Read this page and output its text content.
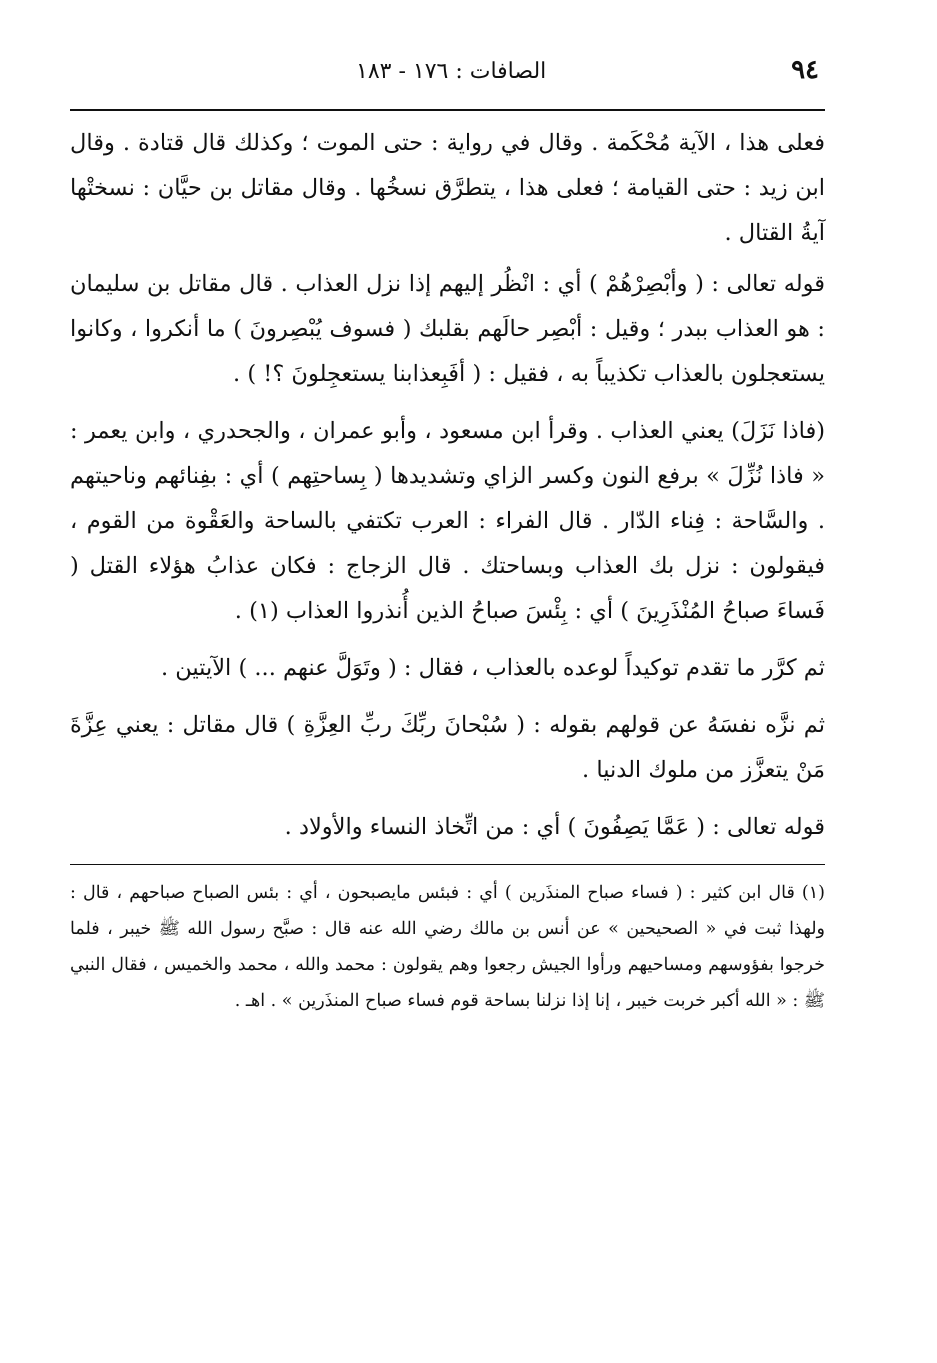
٩٤
الصافات : ١٧٦ - ١٨٣

فعلى هذا ، الآية مُحْكَمة . وقال في رواية : حتى الموت ؛ وكذلك قال قتادة . وقال ابن زيد : حتى القيامة ؛ فعلى هذا ، يتطرَّق نسخُها . وقال مقاتل بن حيَّان : نسختْها آيةُ القتال .

قوله تعالى : ( وأبْصِرْهُمْ ) أي : انْظُر إليهم إذا نزل العذاب . قال مقاتل بن سليمان : هو العذاب ببدر ؛ وقيل : أبْصِر حالَهم بقلبك ( فسوف يُبْصِرونَ ) ما أنكروا ، وكانوا يستعجلون بالعذاب تكذيباً به ، فقيل : ( أفَبِعذابنا يستعجِلونَ ؟! ) .

(فاذا نَزَلَ) يعني العذاب . وقرأ ابن مسعود ، وأبو عمران ، والجحدري ، وابن يعمر : « فاذا نُزِّلَ » برفع النون وكسر الزاي وتشديدها ( بِساحتِهم ) أي : بفِنائهم وناحيتهم . والسَّاحة : فِناء الدّار . قال الفراء : العرب تكتفي بالساحة والعَقْوة من القوم ، فيقولون : نزل بك العذاب وبساحتك . قال الزجاج : فكان عذابُ هؤلاء القتل ( فَساءَ صباحُ المُنْذَرِينَ ) أي : بِئْسَ صباحُ الذين أُنذروا العذاب (١) .

ثم كرَّر ما تقدم توكيداً لوعده بالعذاب ، فقال : ( وتَوَلَّ عنهم ... ) الآيتين .

ثم نزَّه نفسَهُ عن قولهم بقوله : ( سُبْحانَ ربِّكَ ربِّ العِزَّةِ ) قال مقاتل : يعني عِزَّةَ مَنْ يتعزَّز من ملوك الدنيا .

قوله تعالى : ( عَمَّا يَصِفُونَ ) أي : من اتِّخاذ النساء والأولاد .

(١) قال ابن كثير : ( فساء صباح المنذَرين ) أي : فبئس مايصبحون ، أي : بئس الصباح صباحهم ، قال : ولهذا ثبت في « الصحيحين » عن أنس بن مالك رضي الله عنه قال : صبَّح رسول الله ﷺ خيبر ، فلما خرجوا بفؤوسهم ومساحيهم ورأوا الجيش رجعوا وهم يقولون : محمد والله ، محمد والخميس ، فقال النبي ﷺ : « الله أكبر خربت خيبر ، إنا إذا نزلنا بساحة قوم فساء صباح المنذَرين » . اهـ .
